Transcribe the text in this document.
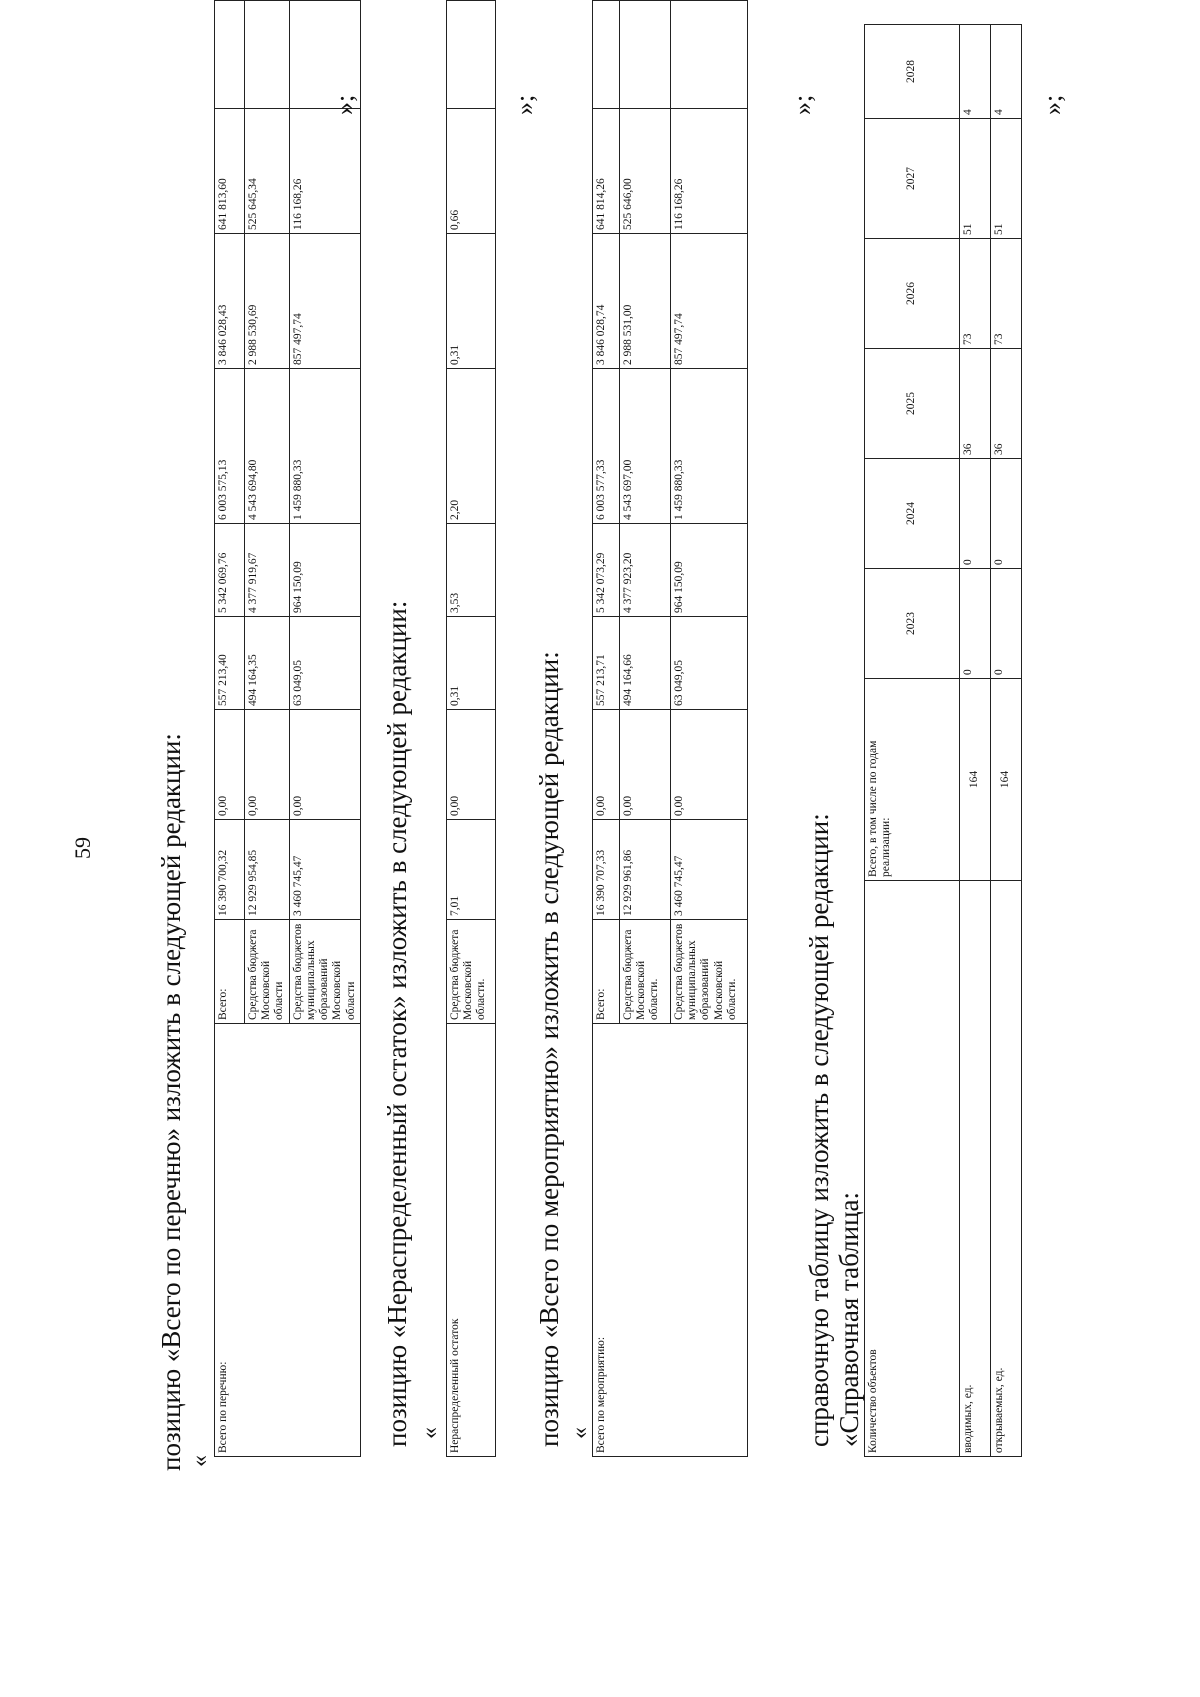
59 позицию «Всего по перечню» изложить в следующей редакции: «
Всего по перечню:	Всего:	16 390 700,32	0,00	557 213,40	5 342 069,76	6 003 575,13	3 846 028,43	641 813,60	
	Средства бюджета Московской области	12 929 954,85	0,00	494 164,35	4 377 919,67	4 543 694,80	2 988 530,69	525 645,34	
	Средства бюджетов муниципальных образований Московской области	3 460 745,47	0,00	63 049,05	964 150,09	1 459 880,33	857 497,74	116 168,26	
»;
позицию «Нераспределенный остаток» изложить в следующей редакции: « Нераспределенный остаток	Средства бюджета Московской области.	7,01	0,00	0,31	3,53	2,20	0,31	0,66	
»;
позицию «Всего по мероприятию» изложить в следующей редакции: « Всего по мероприятию:	Всего:	16 390 707,33	0,00	557 213,71	5 342 073,29	6 003 577,33	3 846 028,74	641 814,26	
	Средства бюджета Московской области.	12 929 961,86	0,00	494 164,66	4 377 923,20	4 543 697,00	2 988 531,00	525 646,00	
	Средства бюджетов муниципальных образований Московской области.	3 460 745,47	0,00	63 049,05	964 150,09	1 459 880,33	857 497,74	116 168,26	
»;
справочную таблицу изложить в следующей редакции: «Справочная таблица: Количество объектов	Всего, в том числе по годам реализации:	2023	2024	2025	2026	2027	2028
вводимых, ед.	164	0	0	36	73	51	4
открываемых, ед.	164	0	0	36	73	51	4 »;
